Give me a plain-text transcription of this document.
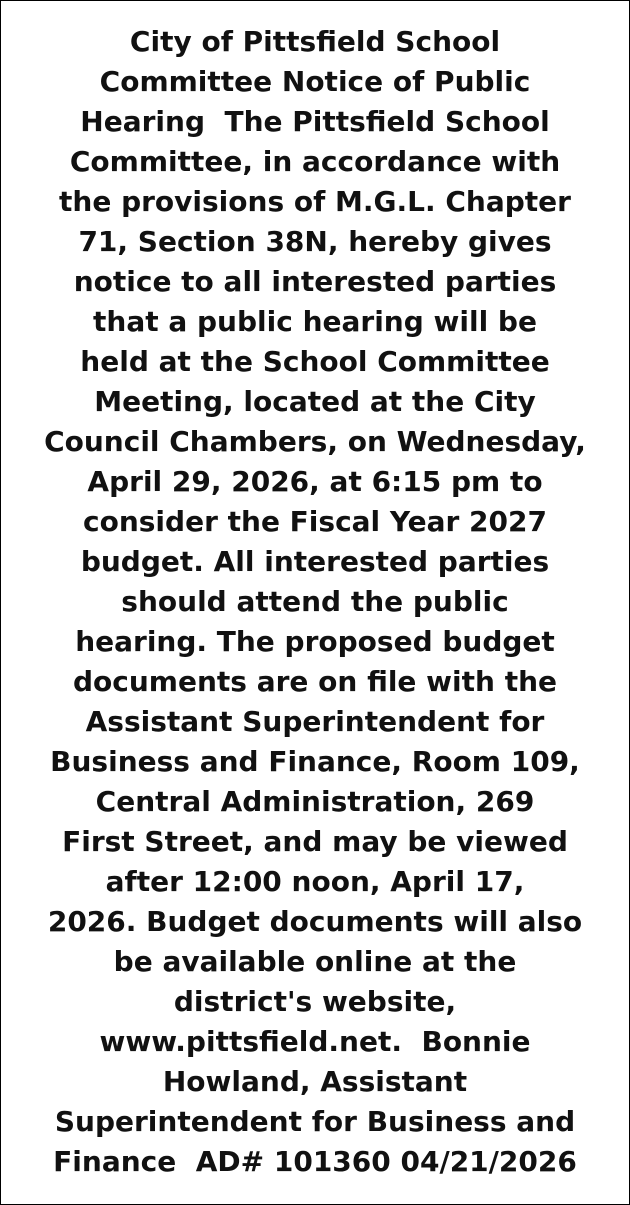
City of Pittsfield School
Committee Notice of Public
Hearing  The Pittsfield School
Committee, in accordance with
the provisions of M.G.L. Chapter
71, Section 38N, hereby gives
notice to all interested parties
that a public hearing will be
held at the School Committee
Meeting, located at the City
Council Chambers, on Wednesday,
April 29, 2026, at 6:15 pm to
consider the Fiscal Year 2027
budget. All interested parties
should attend the public
hearing. The proposed budget
documents are on file with the
Assistant Superintendent for
Business and Finance, Room 109,
Central Administration, 269
First Street, and may be viewed
after 12:00 noon, April 17,
2026. Budget documents will also
be available online at the
district's website,
www.pittsfield.net.  Bonnie
Howland, Assistant
Superintendent for Business and
Finance  AD# 101360 04/21/2026
